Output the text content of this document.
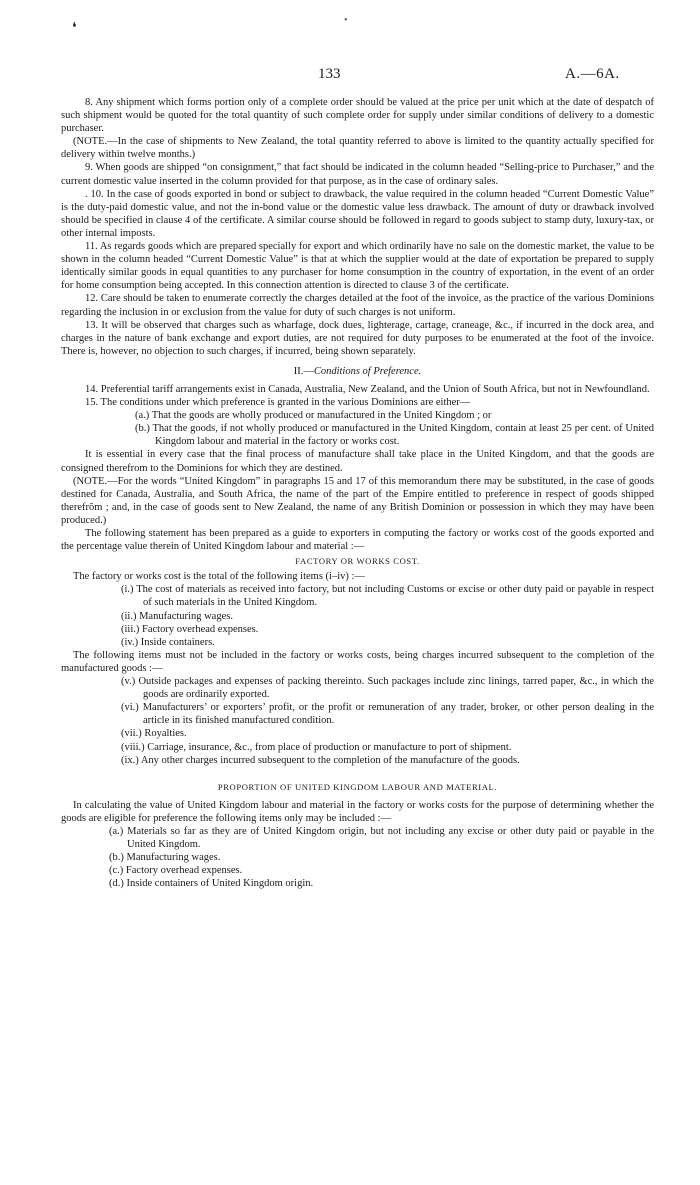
❛
•
133	A.—6A.

8. Any shipment which forms portion only of a complete order should be valued at the price per unit which at the date of despatch of such shipment would be quoted for the total quantity of such complete order for supply under similar conditions of delivery to a domestic purchaser.

(NOTE.—In the case of shipments to New Zealand, the total quantity referred to above is limited to the quantity actually specified for delivery within twelve months.)

9. When goods are shipped “on consignment,” that fact should be indicated in the column headed “Selling-price to Purchaser,” and the current domestic value inserted in the column provided for that purpose, as in the case of ordinary sales.

. 10. In the case of goods exported in bond or subject to drawback, the value required in the column headed “Current Domestic Value” is the duty-paid domestic value, and not the in-bond value or the domestic value less drawback. The amount of duty or drawback involved should be specified in clause 4 of the certificate. A similar course should be followed in regard to goods subject to stamp duty, luxury-tax, or other internal imposts.

11. As regards goods which are prepared specially for export and which ordinarily have no sale on the domestic market, the value to be shown in the column headed “Current Domestic Value” is that at which the supplier would at the date of exportation be prepared to supply identically similar goods in equal quantities to any purchaser for home consumption in the country of exportation, in the event of an order for home consumption being accepted. In this connection attention is directed to clause 3 of the certificate.

12. Care should be taken to enumerate correctly the charges detailed at the foot of the invoice, as the practice of the various Dominions regarding the inclusion in or exclusion from the value for duty of such charges is not uniform.

13. It will be observed that charges such as wharfage, dock dues, lighterage, cartage, craneage, &c., if incurred in the dock area, and charges in the nature of bank exchange and export duties, are not required for duty purposes to be enumerated at the foot of the invoice. There is, however, no objection to such charges, if incurred, being shown separately.

II.—Conditions of Preference.

14. Preferential tariff arrangements exist in Canada, Australia, New Zealand, and the Union of South Africa, but not in Newfoundland.

15. The conditions under which preference is granted in the various Dominions are either—

(a.) That the goods are wholly produced or manufactured in the United Kingdom ; or

(b.) That the goods, if not wholly produced or manufactured in the United Kingdom, contain at least 25 per cent. of United Kingdom labour and material in the factory or works cost.

It is essential in every case that the final process of manufacture shall take place in the United Kingdom, and that the goods are consigned therefrom to the Dominions for which they are destined.

(NOTE.—For the words “United Kingdom” in paragraphs 15 and 17 of this memorandum there may be substituted, in the case of goods destined for Canada, Australia, and South Africa, the name of the part of the Empire entitled to preference in respect of goods shipped therefrŏm ; and, in the case of goods sent to New Zealand, the name of any British Dominion or possession in which they may have been produced.)

The following statement has been prepared as a guide to exporters in computing the factory or works cost of the goods exported and the percentage value therein of United Kingdom labour and material :—

FACTORY OR WORKS COST.

The factory or works cost is the total of the following items (i–iv) :—

(i.) The cost of materials as received into factory, but not including Customs or excise or other duty paid or payable in respect of such materials in the United Kingdom.

(ii.) Manufacturing wages.

(iii.) Factory overhead expenses.

(iv.) Inside containers.

The following items must not be included in the factory or works costs, being charges incurred subsequent to the completion of the manufactured goods :—

(v.) Outside packages and expenses of packing thereinto. Such packages include zinc linings, tarred paper, &c., in which the goods are ordinarily exported.

(vi.) Manufacturers’ or exporters’ profit, or the profit or remuneration of any trader, broker, or other person dealing in the article in its finished manufactured condition.

(vii.) Royalties.

(viii.) Carriage, insurance, &c., from place of production or manufacture to port of shipment.

(ix.) Any other charges incurred subsequent to the completion of the manufacture of the goods.

PROPORTION OF UNITED KINGDOM LABOUR AND MATERIAL.

In calculating the value of United Kingdom labour and material in the factory or works costs for the purpose of determining whether the goods are eligible for preference the following items only may be included :—

(a.) Materials so far as they are of United Kingdom origin, but not including any excise or other duty paid or payable in the United Kingdom.

(b.) Manufacturing wages.

(c.) Factory overhead expenses.

(d.) Inside containers of United Kingdom origin.
